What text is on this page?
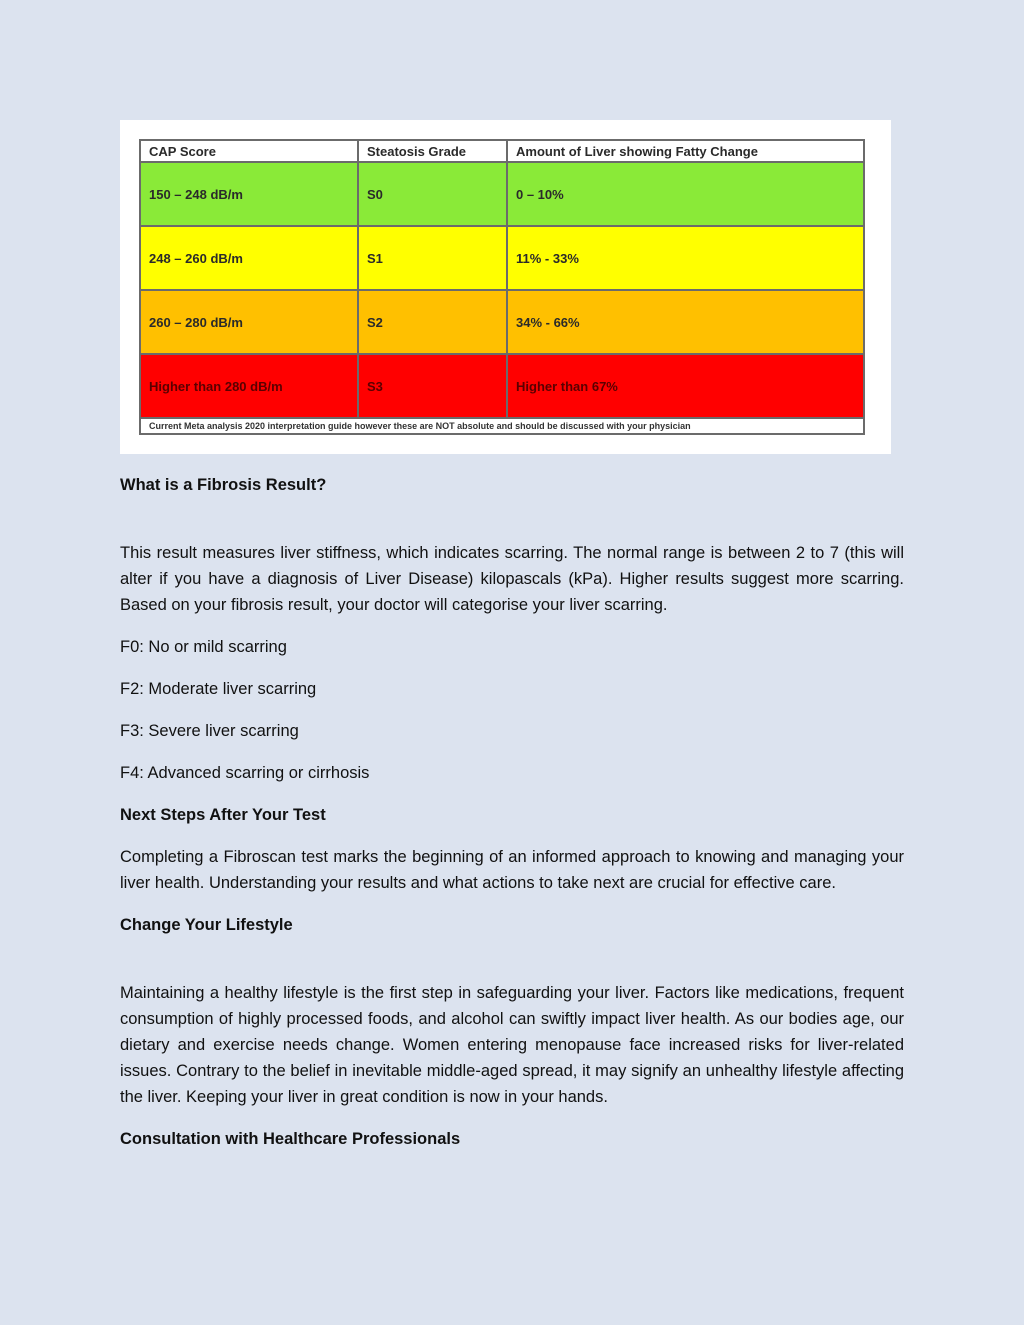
CAP Score	Steatosis Grade	Amount of Liver showing Fatty Change
150 – 248 dB/m	S0	0 – 10%
248 – 260 dB/m	S1	11% - 33%
260 – 280 dB/m	S2	34% - 66%
Higher than 280 dB/m	S3	Higher than 67%
Current Meta analysis 2020 interpretation guide however these are NOT absolute and should be discussed with your physician		

What is a Fibrosis Result?

This result measures liver stiffness, which indicates scarring. The normal range is between 2 to 7 (this will alter if you have a diagnosis of Liver Disease) kilopascals (kPa). Higher results suggest more scarring. Based on your fibrosis result, your doctor will categorise your liver scarring.

F0: No or mild scarring

F2: Moderate liver scarring

F3: Severe liver scarring

F4: Advanced scarring or cirrhosis

Next Steps After Your Test

Completing a Fibroscan test marks the beginning of an informed approach to knowing and managing your liver health. Understanding your results and what actions to take next are crucial for effective care.

Change Your Lifestyle

Maintaining a healthy lifestyle is the first step in safeguarding your liver. Factors like medications, frequent consumption of highly processed foods, and alcohol can swiftly impact liver health. As our bodies age, our dietary and exercise needs change. Women entering menopause face increased risks for liver-related issues. Contrary to the belief in inevitable middle-aged spread, it may signify an unhealthy lifestyle affecting the liver. Keeping your liver in great condition is now in your hands.

Consultation with Healthcare Professionals
